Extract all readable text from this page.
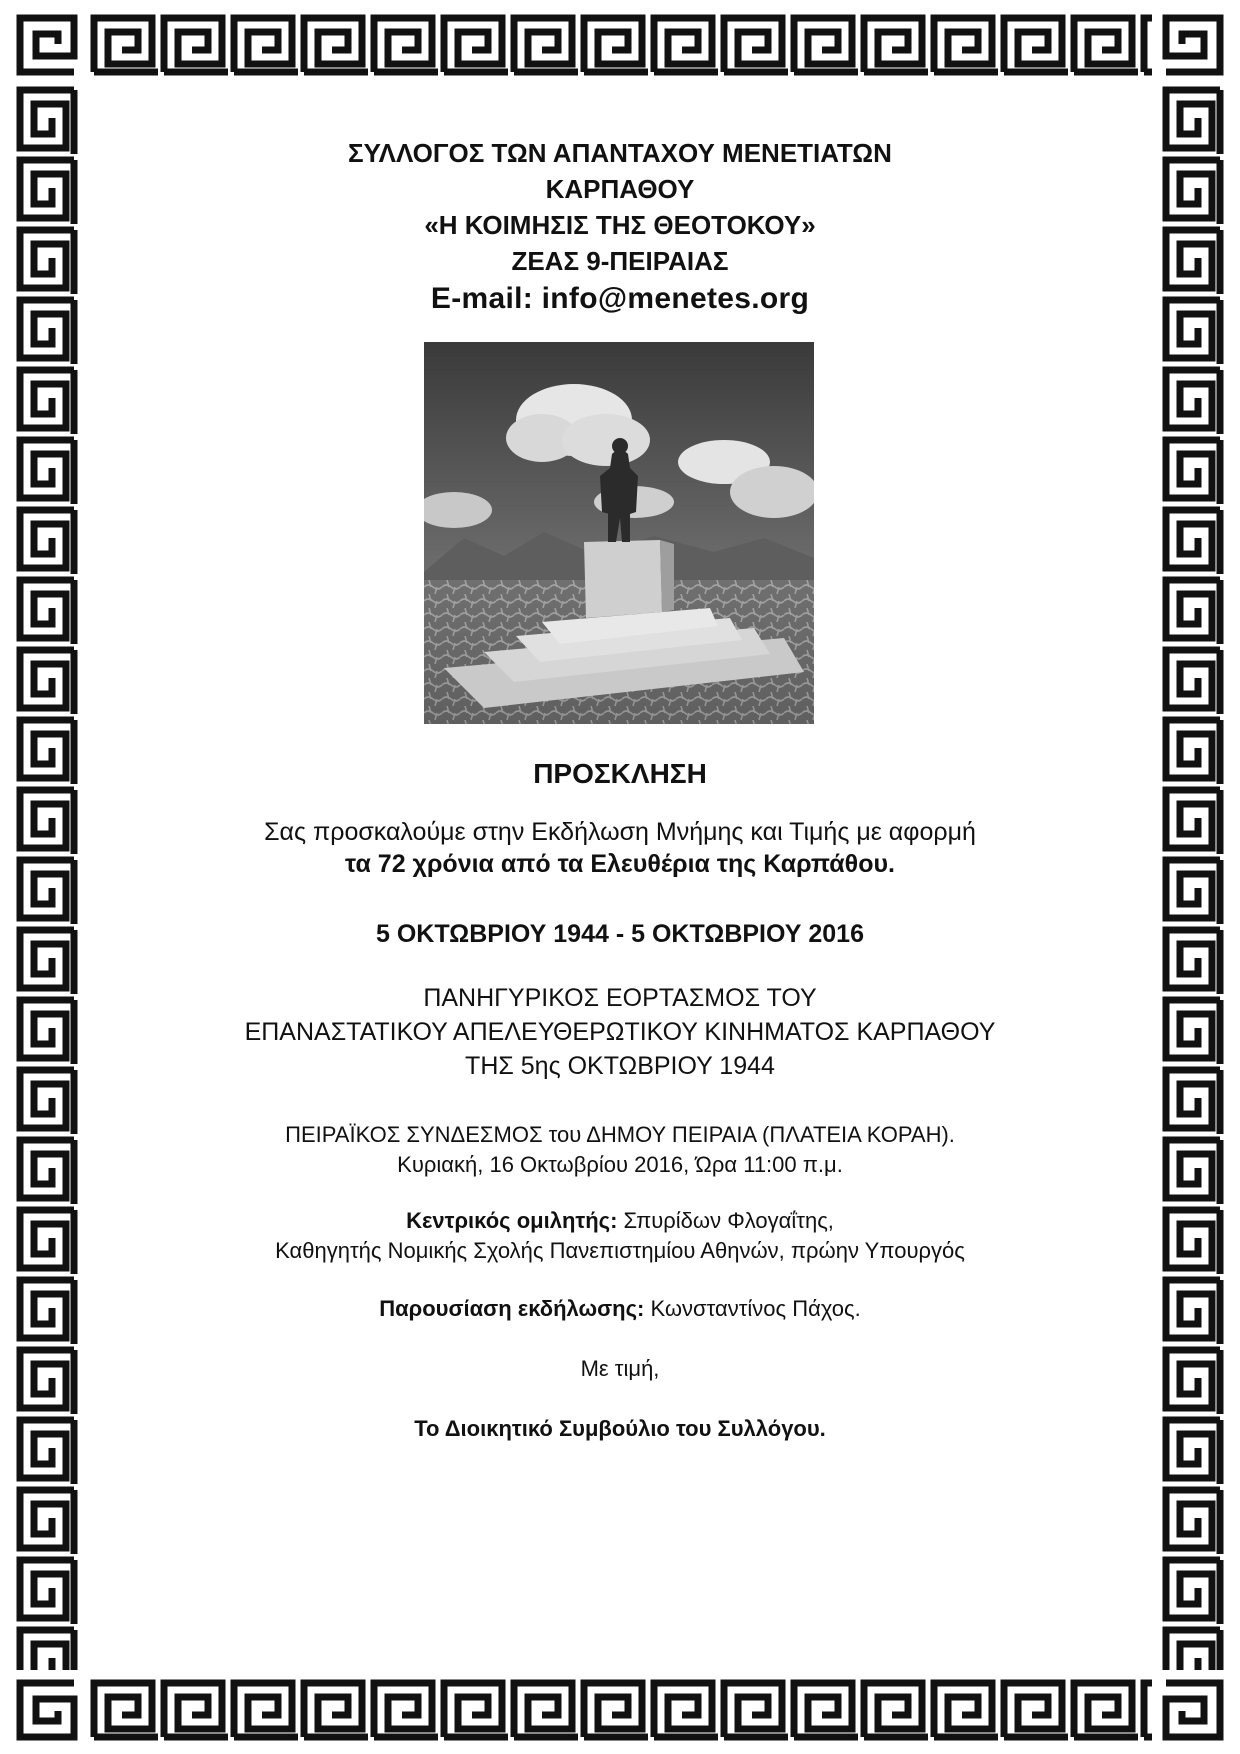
ΣΥΛΛΟΓΟΣ ΤΩΝ ΑΠΑΝΤΑΧΟΥ ΜΕΝΕΤΙΑΤΩΝ
ΚΑΡΠΑΘΟΥ
«Η ΚΟΙΜΗΣΙΣ ΤΗΣ ΘΕΟΤΟΚΟΥ»
ΖΕΑΣ 9-ΠΕΙΡΑΙΑΣ
E-mail: info@menetes.org
ΠΡΟΣΚΛΗΣΗ
Σας προσκαλούμε στην Εκδήλωση Μνήμης και Τιμής με αφορμή
τα 72 χρόνια από τα Ελευθέρια της Καρπάθου.
5 ΟΚΤΩΒΡΙΟΥ 1944 - 5 ΟΚΤΩΒΡΙΟΥ 2016
ΠΑΝΗΓΥΡΙΚΟΣ ΕΟΡΤΑΣΜΟΣ ΤΟΥ
ΕΠΑΝΑΣΤΑΤΙΚΟΥ ΑΠΕΛΕΥΘΕΡΩΤΙΚΟΥ ΚΙΝΗΜΑΤΟΣ ΚΑΡΠΑΘΟΥ
ΤΗΣ 5ης ΟΚΤΩΒΡΙΟΥ 1944
ΠΕΙΡΑΪΚΟΣ ΣΥΝΔΕΣΜΟΣ του ΔΗΜΟΥ ΠΕΙΡΑΙΑ (ΠΛΑΤΕΙΑ ΚΟΡΑΗ).
Κυριακή, 16 Οκτωβρίου 2016, Ώρα 11:00 π.μ.
Κεντρικός ομιλητής: Σπυρίδων Φλογαΐτης,
Καθηγητής Νομικής Σχολής Πανεπιστημίου Αθηνών, πρώην Υπουργός
Παρουσίαση εκδήλωσης: Κωνσταντίνος Πάχος.
Με τιμή,
Το Διοικητικό Συμβούλιο του Συλλόγου.
